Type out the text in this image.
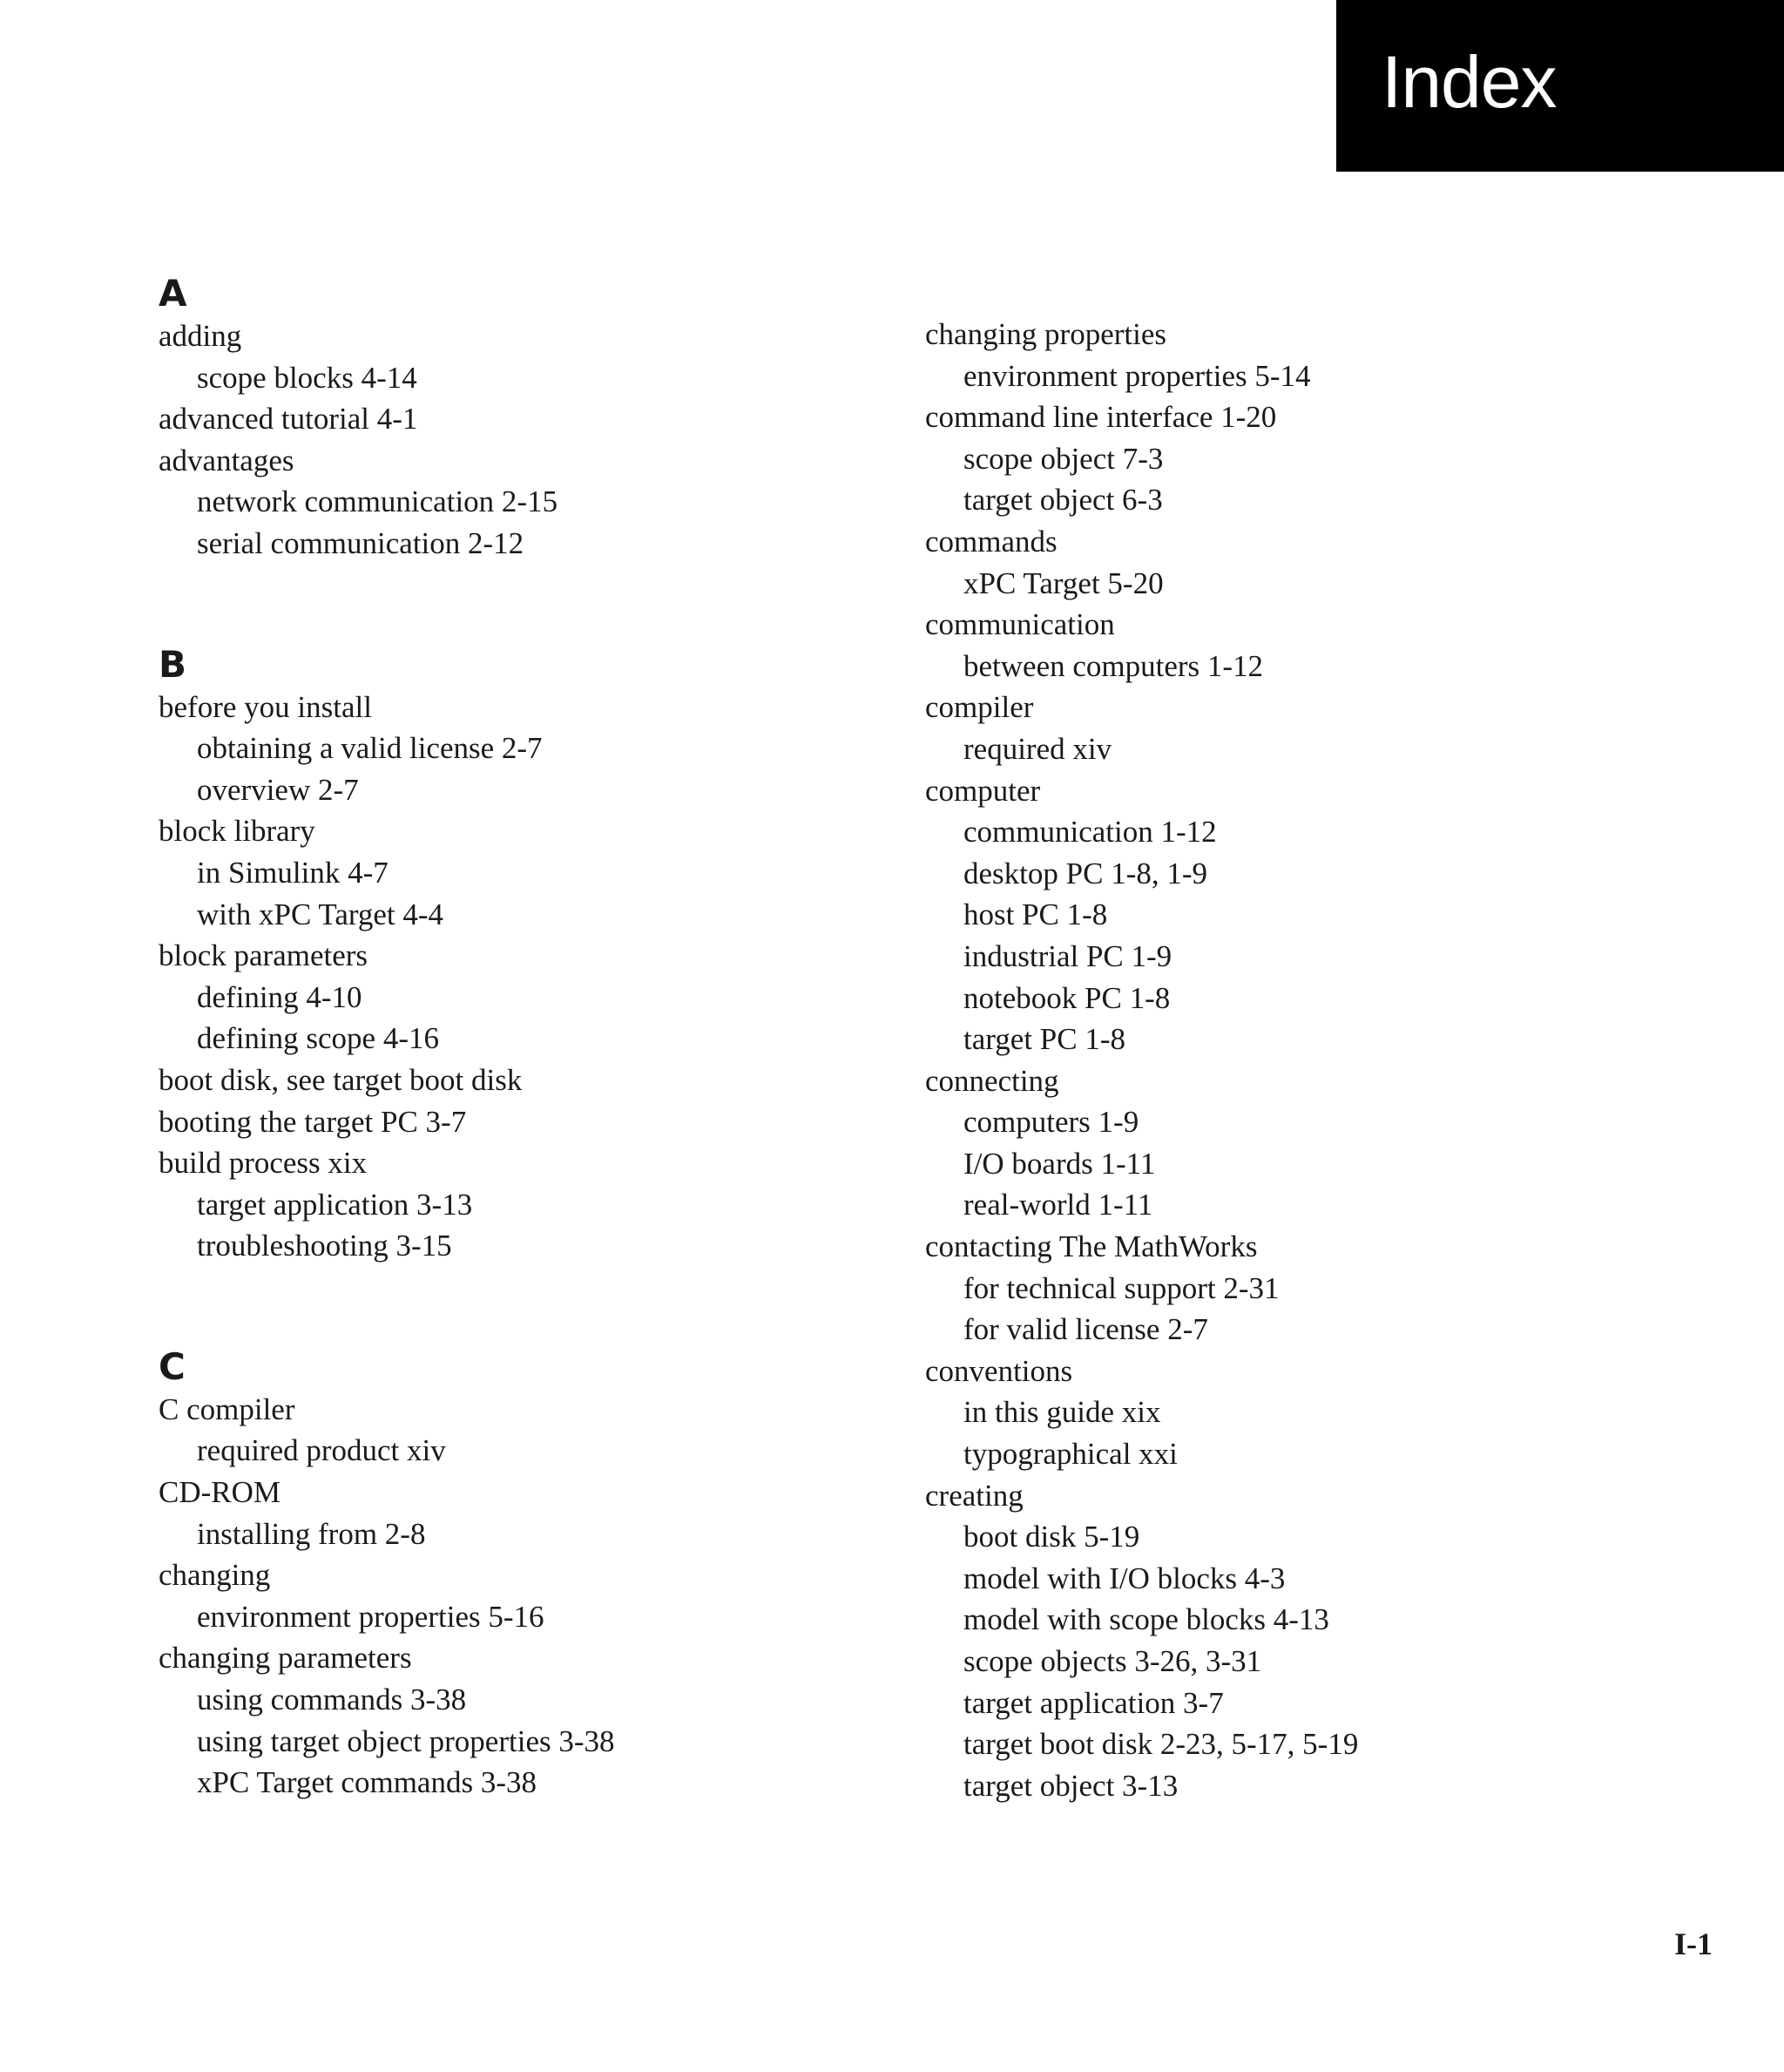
Index
A
adding
scope blocks 4-14
advanced tutorial 4-1
advantages
network communication 2-15
serial communication 2-12
B
before you install
obtaining a valid license 2-7
overview 2-7
block library
in Simulink 4-7
with xPC Target 4-4
block parameters
defining 4-10
defining scope 4-16
boot disk, see target boot disk
booting the target PC 3-7
build process xix
target application 3-13
troubleshooting 3-15
C
C compiler
required product xiv
CD-ROM
installing from 2-8
changing
environment properties 5-16
changing parameters
using commands 3-38
using target object properties 3-38
xPC Target commands 3-38
changing properties
environment properties 5-14
command line interface 1-20
scope object 7-3
target object 6-3
commands
xPC Target 5-20
communication
between computers 1-12
compiler
required xiv
computer
communication 1-12
desktop PC 1-8, 1-9
host PC 1-8
industrial PC 1-9
notebook PC 1-8
target PC 1-8
connecting
computers 1-9
I/O boards 1-11
real-world 1-11
contacting The MathWorks
for technical support 2-31
for valid license 2-7
conventions
in this guide xix
typographical xxi
creating
boot disk 5-19
model with I/O blocks 4-3
model with scope blocks 4-13
scope objects 3-26, 3-31
target application 3-7
target boot disk 2-23, 5-17, 5-19
target object 3-13
I-1
